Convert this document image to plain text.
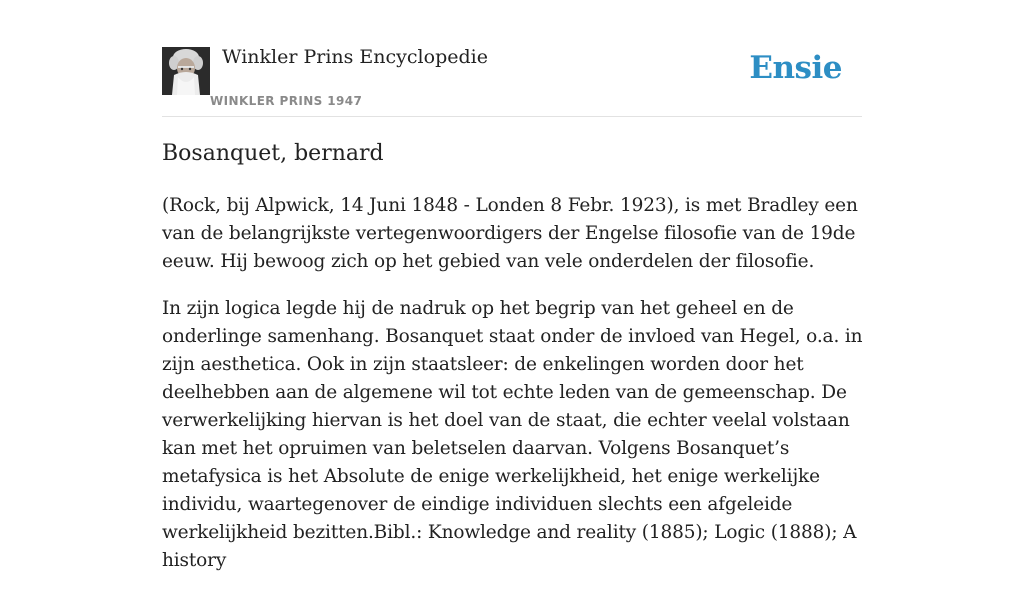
Winkler Prins Encyclopedie
WINKLER PRINS 1947
Ensie
Bosanquet, bernard

(Rock, bij Alpwick, 14 Juni 1848 - Londen 8 Febr. 1923), is met Bradley een van de belangrijkste vertegenwoordigers der Engelse filosofie van de 19de eeuw. Hij bewoog zich op het gebied van vele onderdelen der filosofie.

In zijn logica legde hij de nadruk op het begrip van het geheel en de onderlinge samenhang. Bosanquet staat onder de invloed van Hegel, o.a. in zijn aesthetica. Ook in zijn staatsleer: de enkelingen worden door het deelhebben aan de algemene wil tot echte leden van de gemeenschap. De verwerkelijking hiervan is het doel van de staat, die echter veelal volstaan kan met het opruimen van beletselen daarvan. Volgens Bosanquet’s metafysica is het Absolute de enige werkelijkheid, het enige werkelijke individu, waartegenover de eindige individuen slechts een afgeleide werkelijkheid bezitten.Bibl.: Knowledge and reality (1885); Logic (1888); A history
